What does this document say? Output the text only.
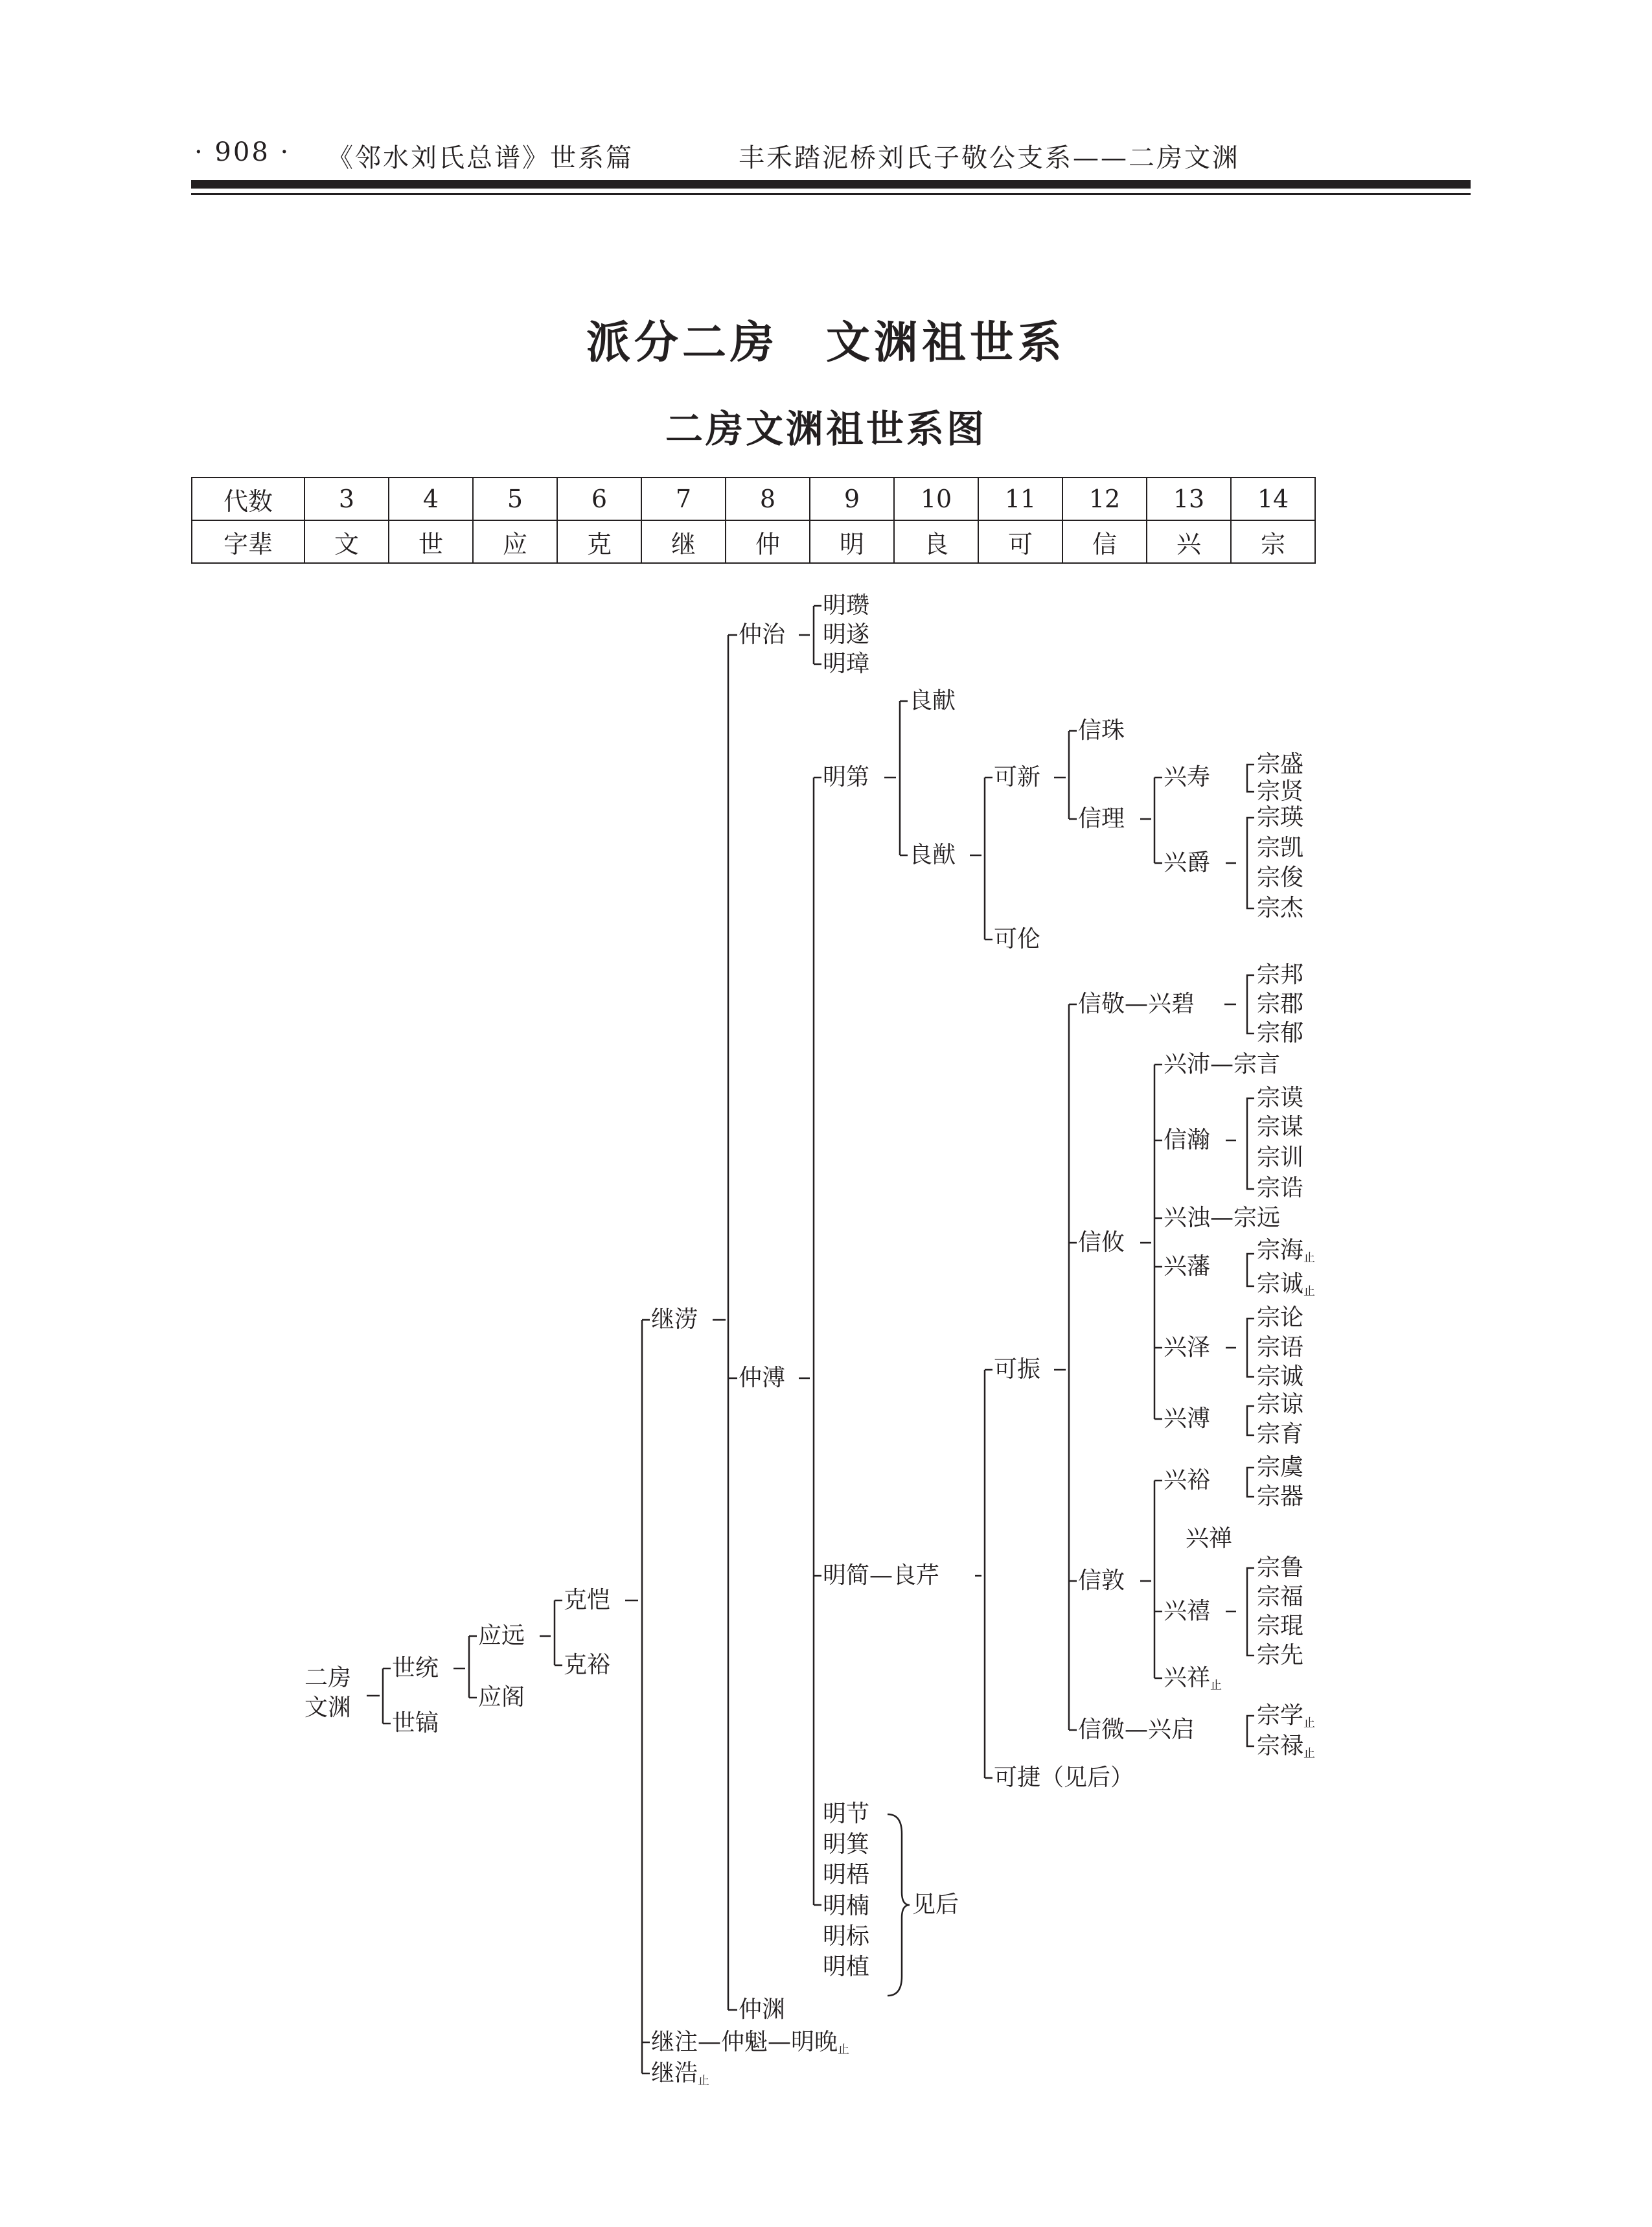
· 908 · 《邻水刘氏总谱》世系篇	丰禾踏泥桥刘氏子敬公支系——二房文渊
派分二房　文渊祖世系
二房文渊祖世系图
代数	3	4	5	6	7	8	9	10	11	12	13	14
字辈	文	世	应	克	继	仲	明	良	可	信	兴	宗
二房
文渊
世统
世镐
应远
应阁
克恺
克裕
继涝
继注—仲魁—明晚$_止$
继浩$_止$
仲治
仲溥
仲渊
明瓒
明遂
明璋
明第
良献
良猷
可新
可伦
信珠
信理
兴寿
兴爵
宗盛
宗贤
宗瑛
宗凯
宗俊
宗杰
明简—良芹
可振
可捷（见后）
信敬—兴碧
宗邦
宗郡
宗郁
信攸
兴沛—宗言
信瀚
宗谟
宗谋
宗训
宗诰
兴浊—宗远
兴藩
宗海$_止$
宗诚$_止$
兴泽
宗论
宗语
宗诚
兴溥
宗谅
宗育
信敦
兴裕 宗虞
宗器
兴禅
兴禧
宗鲁
宗福
宗琨
宗先
兴祥$_止$
信微—兴启
宗学$_止$
宗禄$_止$
明节
明箕
明梧
明楠
明标
明植
见后
